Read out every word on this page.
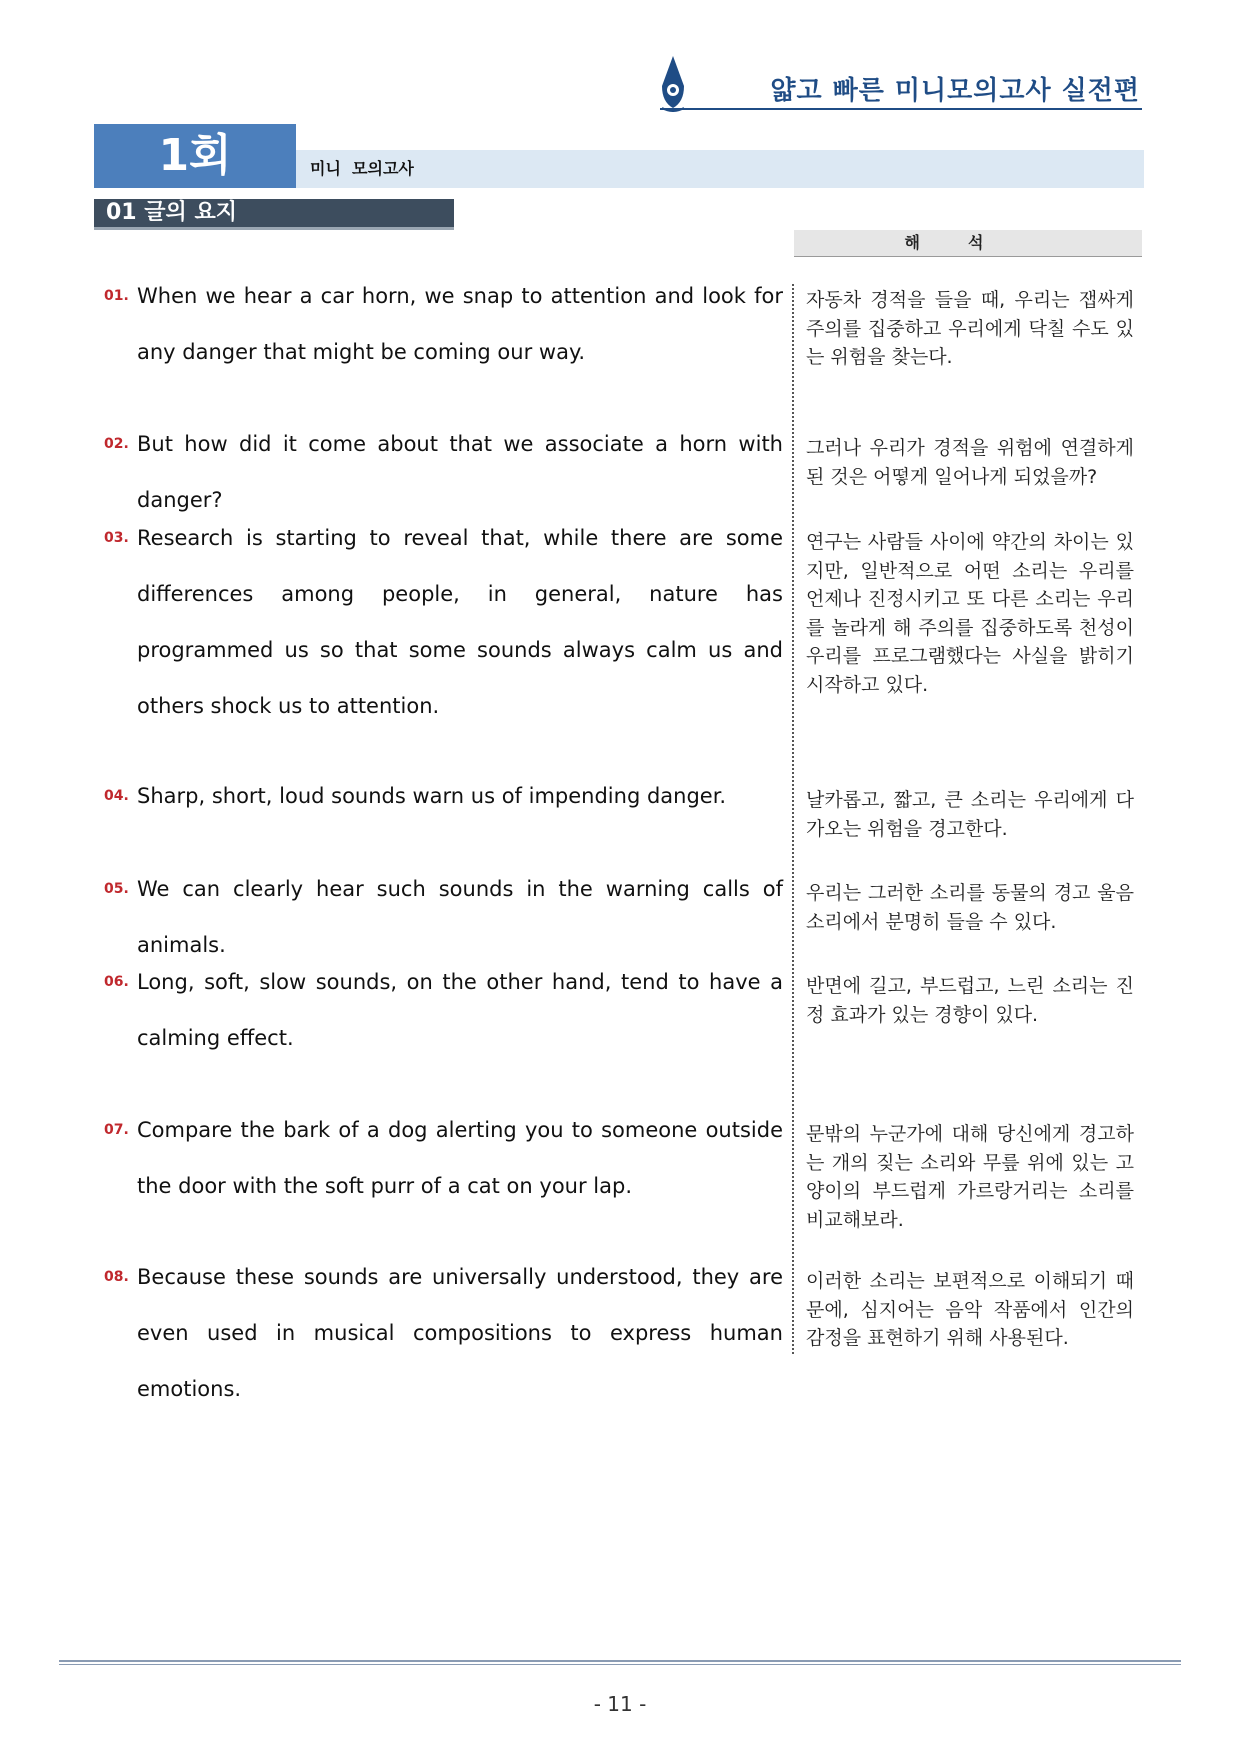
얇고 빠른 미니모의고사 실전편
1회	미니  모의고사
01 글의 요지
해석
01. When we hear a car horn, we snap to attention and look for any danger that might be coming our way.
자동차 경적을 들을 때, 우리는 잽싸게 주의를 집중하고 우리에게 닥칠 수도 있는 위험을 찾는다.
02. But how did it come about that we associate a horn with danger?
그러나 우리가 경적을 위험에 연결하게 된 것은 어떻게 일어나게 되었을까?
03. Research is starting to reveal that, while there are some differences among people, in general, nature has programmed us so that some sounds always calm us and others shock us to attention.
연구는 사람들 사이에 약간의 차이는 있지만, 일반적으로 어떤 소리는 우리를 언제나 진정시키고 또 다른 소리는 우리를 놀라게 해 주의를 집중하도록 천성이 우리를 프로그램했다는 사실을 밝히기 시작하고 있다.
04. Sharp, short, loud sounds warn us of impending danger.	날카롭고, 짧고, 큰 소리는 우리에게 다가오는 위험을 경고한다.
05. We can clearly hear such sounds in the warning calls of animals.
우리는 그러한 소리를 동물의 경고 울음소리에서 분명히 들을 수 있다.
06. Long, soft, slow sounds, on the other hand, tend to have a calming effect.
반면에 길고, 부드럽고, 느린 소리는 진정 효과가 있는 경향이 있다.
07. Compare the bark of a dog alerting you to someone outside the door with the soft purr of a cat on your lap.
문밖의 누군가에 대해 당신에게 경고하는 개의 짖는 소리와 무릎 위에 있는 고양이의 부드럽게 가르랑거리는 소리를 비교해보라.
08. Because these sounds are universally understood, they are even used in musical compositions to express human emotions.
이러한 소리는 보편적으로 이해되기 때문에, 심지어는 음악 작품에서 인간의 감정을 표현하기 위해 사용된다.
- 11 -
